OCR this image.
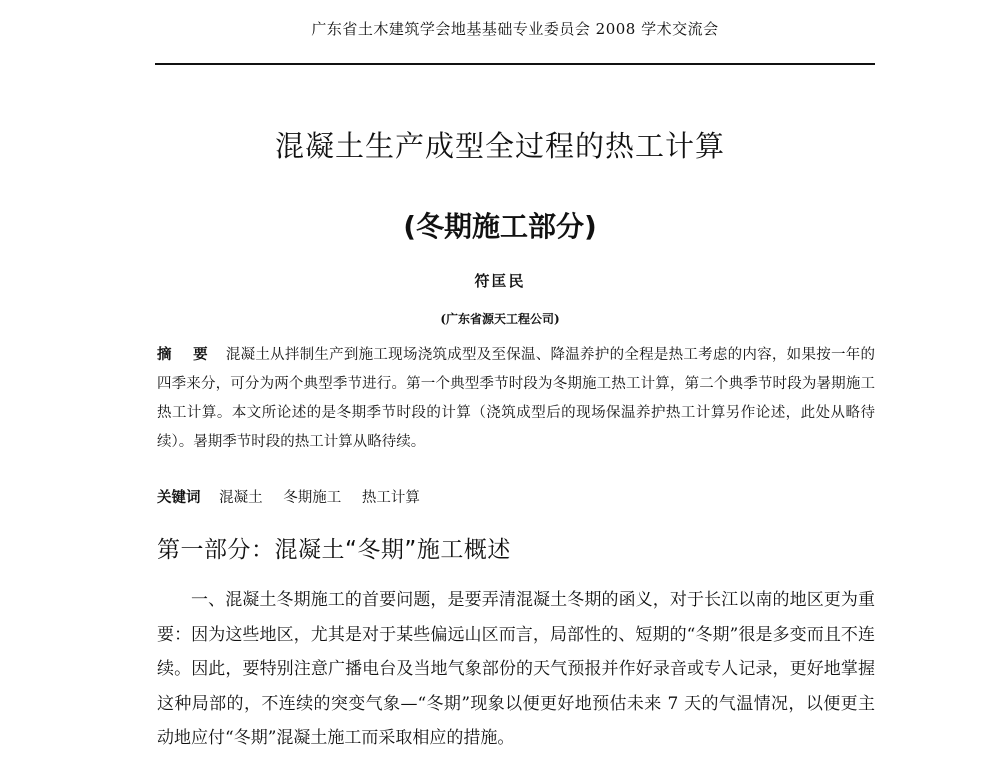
广东省土木建筑学会地基基础专业委员会 2008 学术交流会
混凝土生产成型全过程的热工计算
(冬期施工部分)
符匡民
(广东省源天工程公司)
摘 要 混凝土从拌制生产到施工现场浇筑成型及至保温、降温养护的全程是热工考虑的内容，如果按一年的四季来分，可分为两个典型季节进行。第一个典型季节时段为冬期施工热工计算，第二个典季节时段为暑期施工热工计算。本文所论述的是冬期季节时段的计算（浇筑成型后的现场保温养护热工计算另作论述，此处从略待续）。暑期季节时段的热工计算从略待续。
关键词 混凝土 冬期施工 热工计算
第一部分：混凝土“冬期”施工概述
一、混凝土冬期施工的首要问题，是要弄清混凝土冬期的函义，对于长江以南的地区更为重要：因为这些地区，尤其是对于某些偏远山区而言，局部性的、短期的“冬期”很是多变而且不连续。因此，要特别注意广播电台及当地气象部份的天气预报并作好录音或专人记录，更好地掌握这种局部的，不连续的突变气象—“冬期”现象以便更好地预估未来 7 天的气温情况，以便更主动地应付“冬期”混凝土施工而采取相应的措施。
